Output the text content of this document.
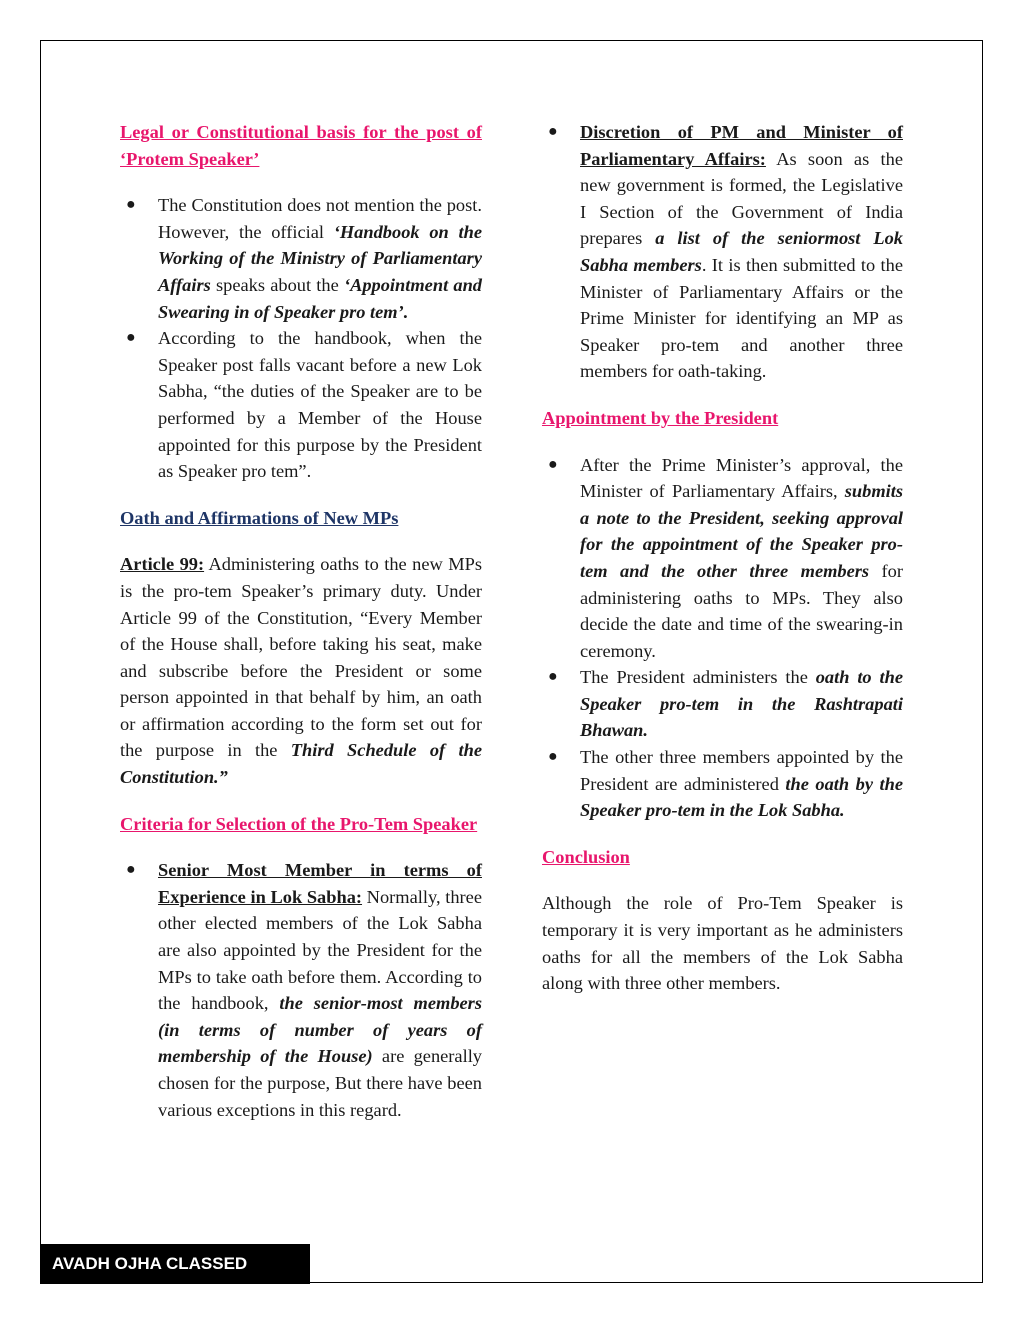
Legal or Constitutional basis for the post of ‘Protem Speaker’

● The Constitution does not mention the post. However, the official ‘Handbook on the Working of the Ministry of Parliamentary Affairs speaks about the ‘Appointment and Swearing in of Speaker pro tem’.
● According to the handbook, when the Speaker post falls vacant before a new Lok Sabha, “the duties of the Speaker are to be performed by a Member of the House appointed for this purpose by the President as Speaker pro tem”.

Oath and Affirmations of New MPs

Article 99: Administering oaths to the new MPs is the pro-tem Speaker’s primary duty. Under Article 99 of the Constitution, “Every Member of the House shall, before taking his seat, make and subscribe before the President or some person appointed in that behalf by him, an oath or affirmation according to the form set out for the purpose in the Third Schedule of the Constitution.”

Criteria for Selection of the Pro-Tem Speaker

● Senior Most Member in terms of Experience in Lok Sabha: Normally, three other elected members of the Lok Sabha are also appointed by the President for the MPs to take oath before them. According to the handbook, the senior-most members (in terms of number of years of membership of the House) are generally chosen for the purpose, But there have been various exceptions in this regard.
● Discretion of PM and Minister of Parliamentary Affairs: As soon as the new government is formed, the Legislative I Section of the Government of India prepares a list of the seniormost Lok Sabha members. It is then submitted to the Minister of Parliamentary Affairs or the Prime Minister for identifying an MP as Speaker pro-tem and another three members for oath-taking.

Appointment by the President

● After the Prime Minister’s approval, the Minister of Parliamentary Affairs, submits a note to the President, seeking approval for the appointment of the Speaker pro-tem and the other three members for administering oaths to MPs. They also decide the date and time of the swearing-in ceremony.
● The President administers the oath to the Speaker pro-tem in the Rashtrapati Bhawan.
● The other three members appointed by the President are administered the oath by the Speaker pro-tem in the Lok Sabha.

Conclusion

Although the role of Pro-Tem Speaker is temporary it is very important as he administers oaths for all the members of the Lok Sabha along with three other members.

AVADH OJHA CLASSED
